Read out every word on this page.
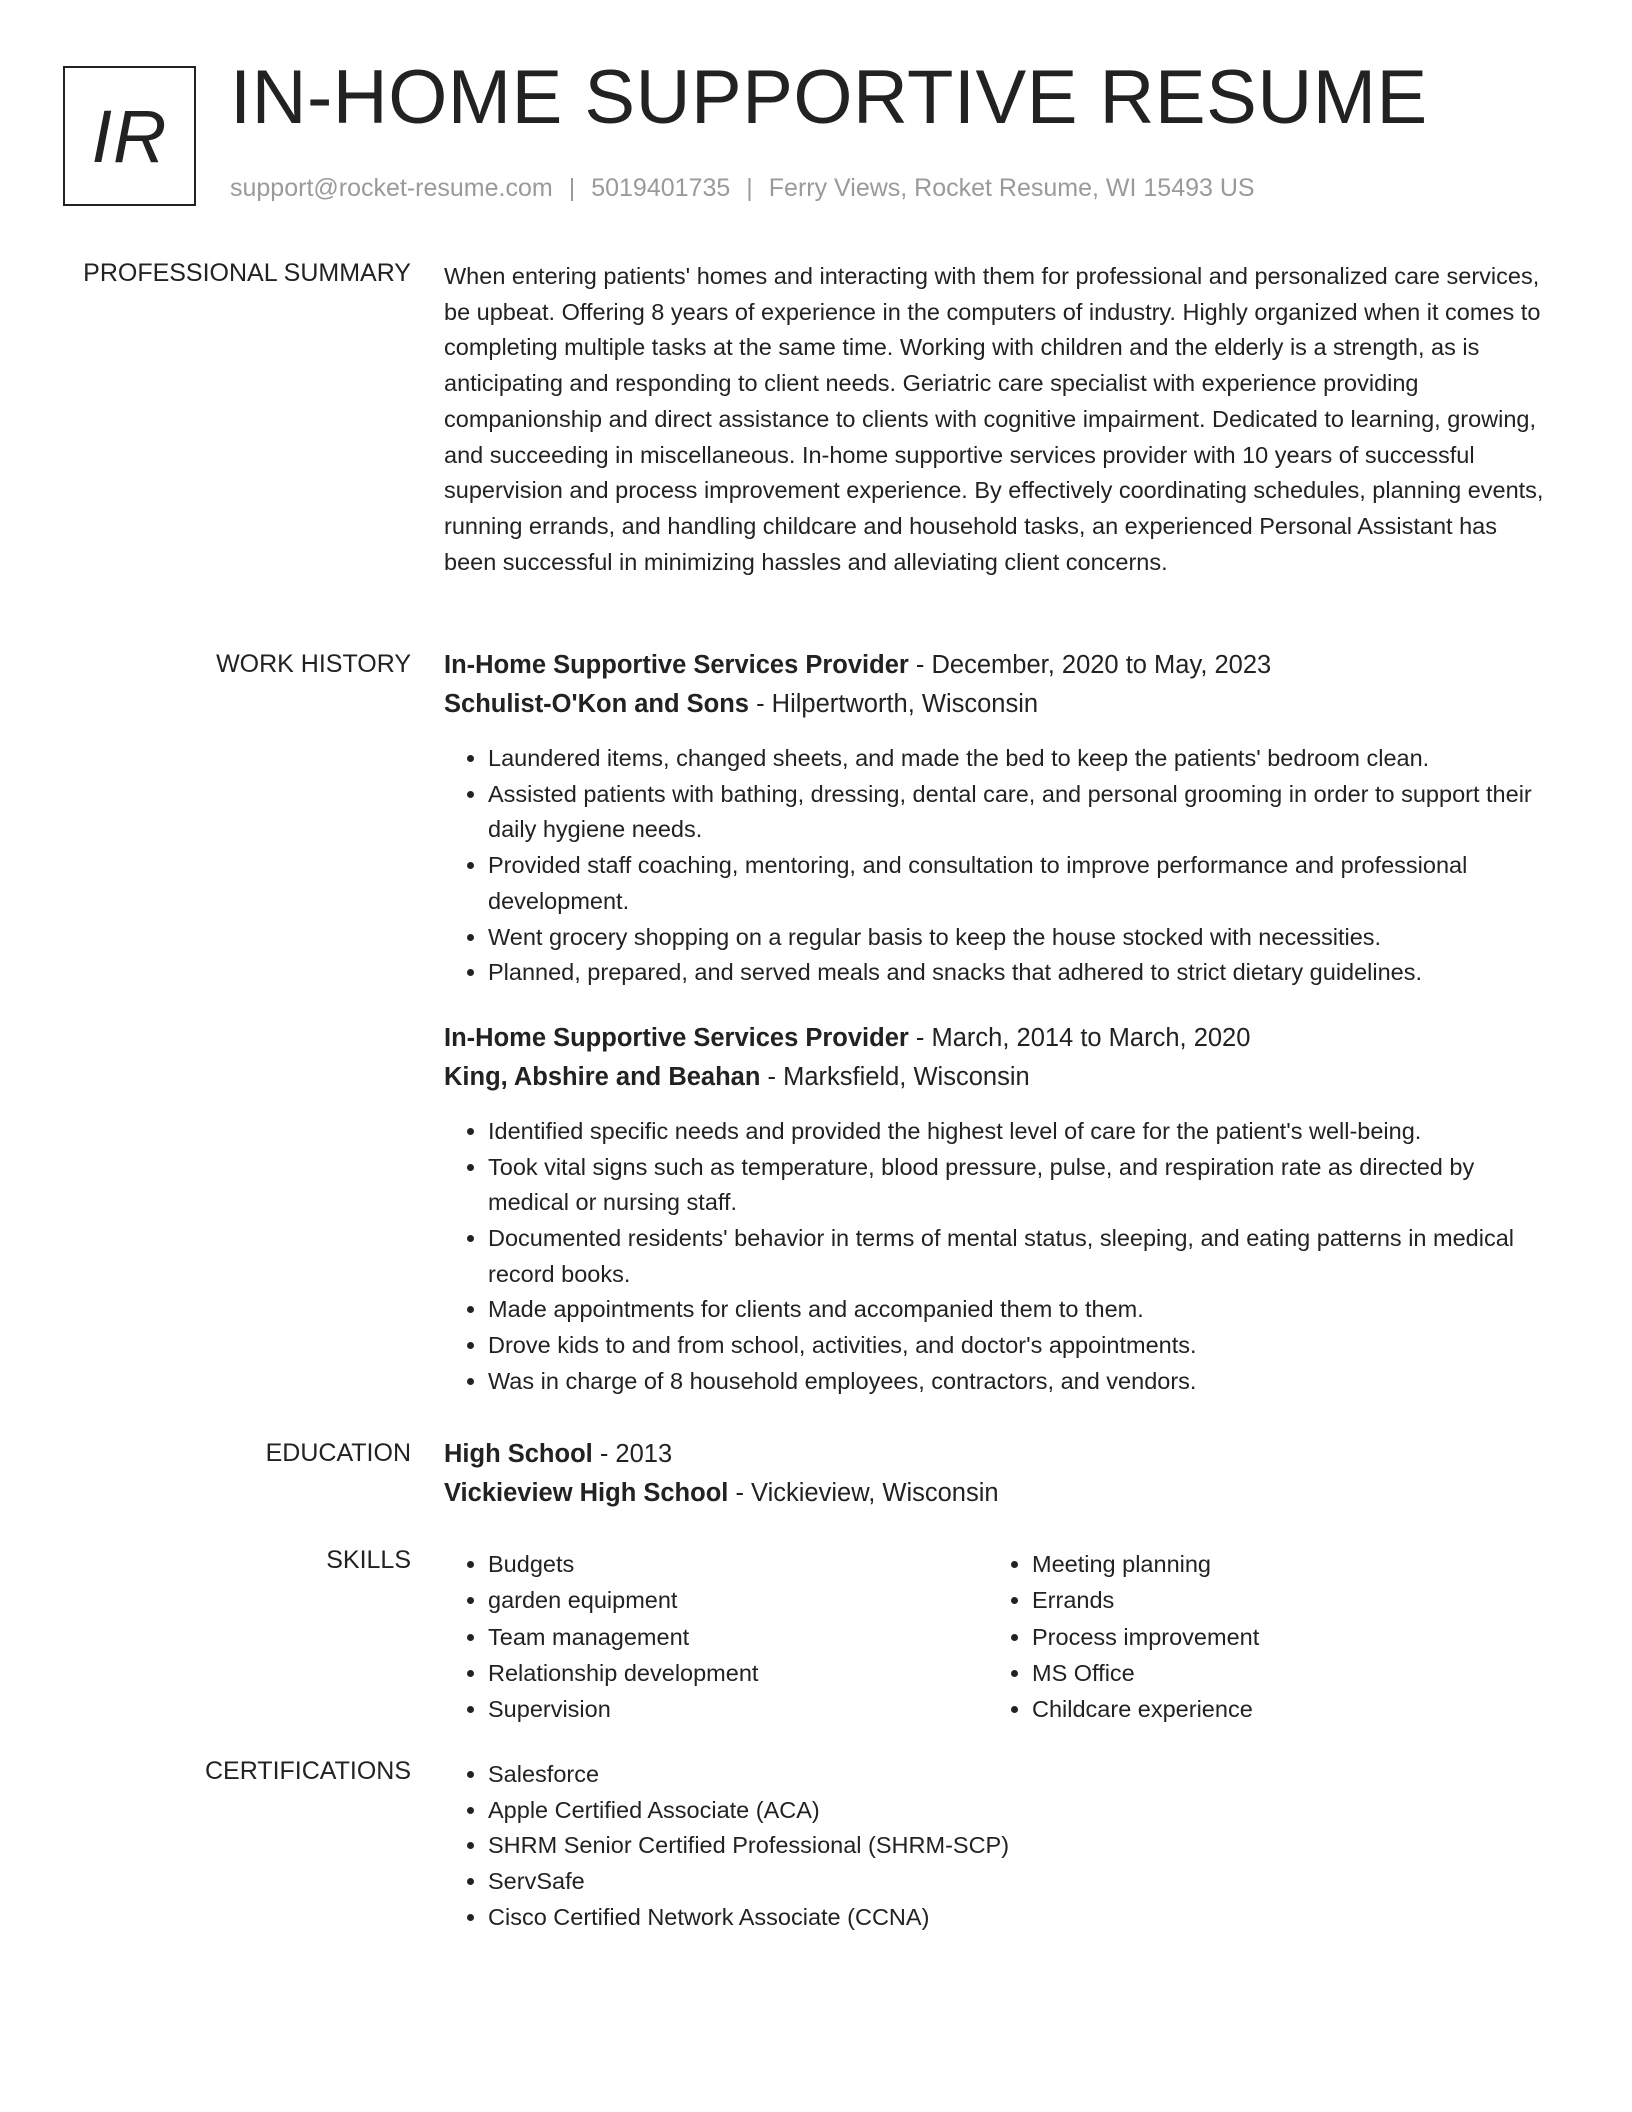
IR IN-HOME SUPPORTIVE RESUME
support@rocket-resume.com | 5019401735 | Ferry Views, Rocket Resume, WI 15493 US
PROFESSIONAL SUMMARY When entering patients' homes and interacting with them for professional and personalized care services, be upbeat. Offering 8 years of experience in the computers of industry. Highly organized when it comes to completing multiple tasks at the same time. Working with children and the elderly is a strength, as is anticipating and responding to client needs. Geriatric care specialist with experience providing companionship and direct assistance to clients with cognitive impairment. Dedicated to learning, growing, and succeeding in miscellaneous. In-home supportive services provider with 10 years of successful supervision and process improvement experience. By effectively coordinating schedules, planning events, running errands, and handling childcare and household tasks, an experienced Personal Assistant has been successful in minimizing hassles and alleviating client concerns.

WORK HISTORY In-Home Supportive Services Provider - December, 2020 to May, 2023

Schulist-O'Kon and Sons - Hilpertworth, Wisconsin

• Laundered items, changed sheets, and made the bed to keep the patients' bedroom clean.
• Assisted patients with bathing, dressing, dental care, and personal grooming in order to support their daily hygiene needs.
• Provided staff coaching, mentoring, and consultation to improve performance and professional development.
• Went grocery shopping on a regular basis to keep the house stocked with necessities.
• Planned, prepared, and served meals and snacks that adhered to strict dietary guidelines.

In-Home Supportive Services Provider - March, 2014 to March, 2020

King, Abshire and Beahan - Marksfield, Wisconsin

• Identified specific needs and provided the highest level of care for the patient's well-being.
• Took vital signs such as temperature, blood pressure, pulse, and respiration rate as directed by medical or nursing staff.
• Documented residents' behavior in terms of mental status, sleeping, and eating patterns in medical record books.
• Made appointments for clients and accompanied them to them.
• Drove kids to and from school, activities, and doctor's appointments.
• Was in charge of 8 household employees, contractors, and vendors.
EDUCATION High School - 2013

Vickieview High School - Vickieview, Wisconsin

SKILLS	• Budgets
• garden equipment
• Team management
• Relationship development
• Supervision
• Meeting planning
• Errands
• Process improvement
• MS Office
• Childcare experience
CERTIFICATIONS	• Salesforce
• Apple Certified Associate (ACA)
• SHRM Senior Certified Professional (SHRM-SCP)
• ServSafe
• Cisco Certified Network Associate (CCNA)
